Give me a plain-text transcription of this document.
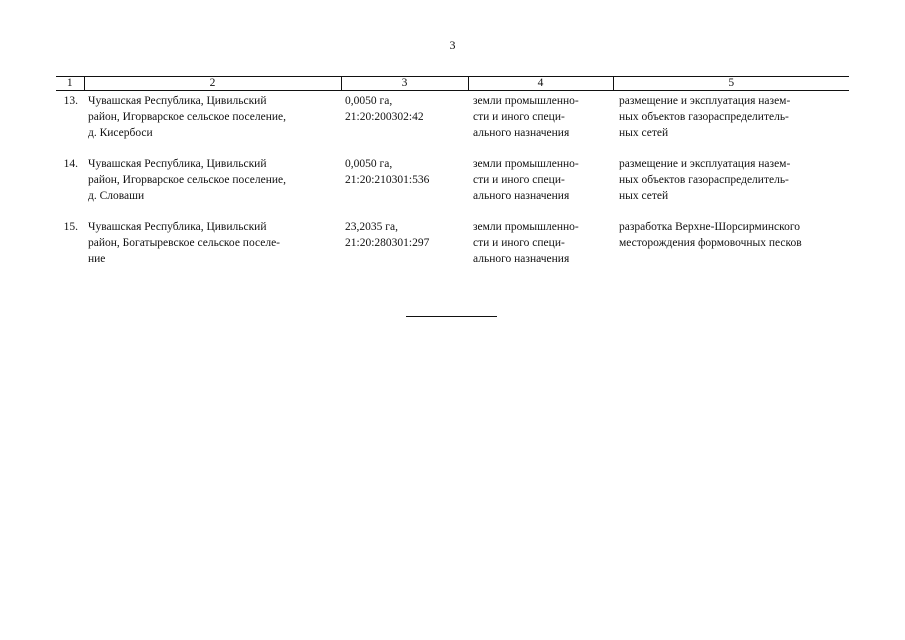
3
1	2	3	4	5
13.	Чувашская Республика, Цивильский
район, Игорварское сельское поселение,
д. Кисербоси	0,0050 га,
21:20:200302:42	земли промышленно-
сти и иного специ-
ального назначения	размещение и эксплуатация назем-
ных объектов газораспределитель-
ных сетей

14.	Чувашская Республика, Цивильский
район, Игорварское сельское поселение,
д. Словаши	0,0050 га,
21:20:210301:536	земли промышленно-
сти и иного специ-
ального назначения	размещение и эксплуатация назем-
ных объектов газораспределитель-
ных сетей

15.	Чувашская Республика, Цивильский
район, Богатыревское сельское поселе-
ние	23,2035 га,
21:20:280301:297	земли промышленно-
сти и иного специ-
ального назначения	разработка Верхне-Шорсирминского
месторождения формовочных песков
